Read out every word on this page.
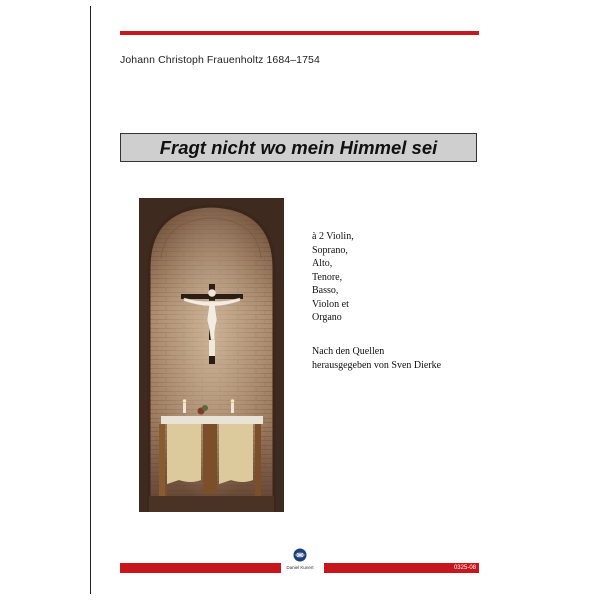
Johann Christoph Frauenholtz 1684–1754
Fragt nicht wo mein Himmel sei
à 2 Violin,
Soprano,
Alto,
Tenore,
Basso,
Violon et
Organo
Nach den Quellen
herausgegeben von Sven Dierke
Daniel Kunert	0325-08
